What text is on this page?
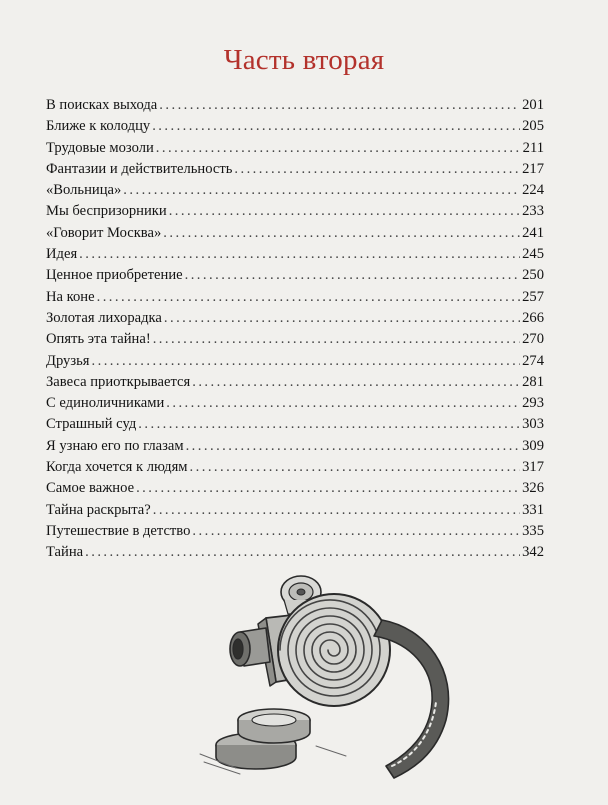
Часть вторая
В поисках выхода . . .	201
Ближе к колодцу . . .	205
Трудовые мозоли . . .	211
Фантазии и действительность . . .	217
«Вольница» . . .	224
Мы беспризорники . . .	233
«Говорит Москва» . . .	241
Идея . . .	245
Ценное приобретение . . .	250
На коне . . .	257
Золотая лихорадка . . .	266
Опять эта тайна! . . .	270
Друзья . . .	274
Завеса приоткрывается . . .	281
С единоличниками . . .	293
Страшный суд . . .	303
Я узнаю его по глазам . . .	309
Когда хочется к людям . . .	317
Самое важное . . .	326
Тайна раскрыта? . . .	331
Путешествие в детство . . .	335
Тайна . . .	342
